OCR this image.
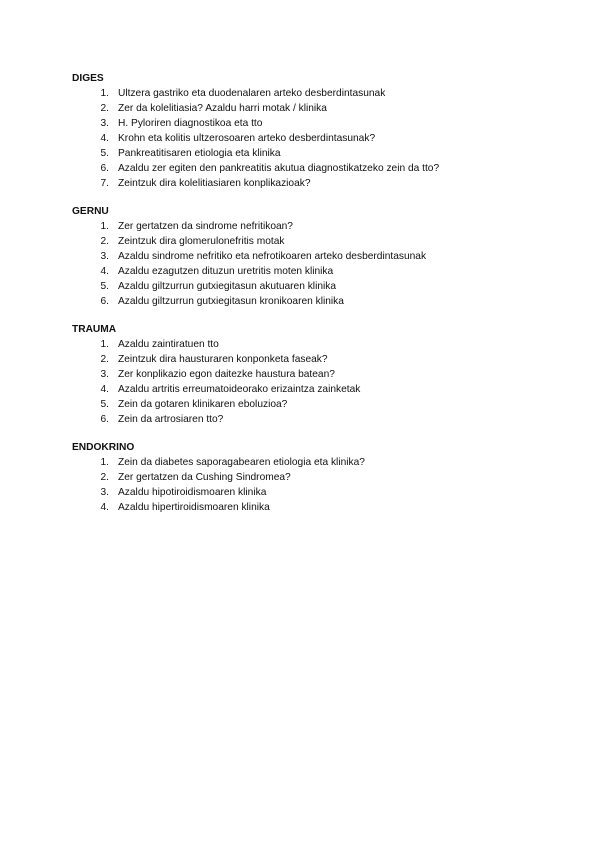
DIGES
1. Ultzera gastriko eta duodenalaren arteko desberdintasunak
2. Zer da kolelitiasia? Azaldu harri motak / klinika
3. H. Pyloriren diagnostikoa eta tto
4. Krohn eta kolitis ultzerosoaren arteko desberdintasunak?
5. Pankreatitisaren etiologia eta klinika
6. Azaldu zer egiten den pankreatitis akutua diagnostikatzeko zein da tto?
7. Zeintzuk dira kolelitiasiaren konplikazioak?
GERNU
1. Zer gertatzen da sindrome nefritikoan?
2. Zeintzuk dira glomerulonefritis motak
3. Azaldu sindrome nefritiko eta nefrotikoaren arteko desberdintasunak
4. Azaldu ezagutzen dituzun uretritis moten klinika
5. Azaldu giltzurrun gutxiegitasun akutuaren klinika
6. Azaldu giltzurrun gutxiegitasun kronikoaren klinika
TRAUMA
1. Azaldu zaintiratuen tto
2. Zeintzuk dira hausturaren konponketa faseak?
3. Zer konplikazio egon daitezke haustura batean?
4. Azaldu artritis erreumatoideorako erizaintza zainketak
5. Zein da gotaren klinikaren eboluzioa?
6. Zein da artrosiaren tto?
ENDOKRINO
1. Zein da diabetes saporagabearen etiologia eta klinika?
2. Zer gertatzen da Cushing Sindromea?
3. Azaldu hipotiroidismoaren klinika
4. Azaldu hipertiroidismoaren klinika
